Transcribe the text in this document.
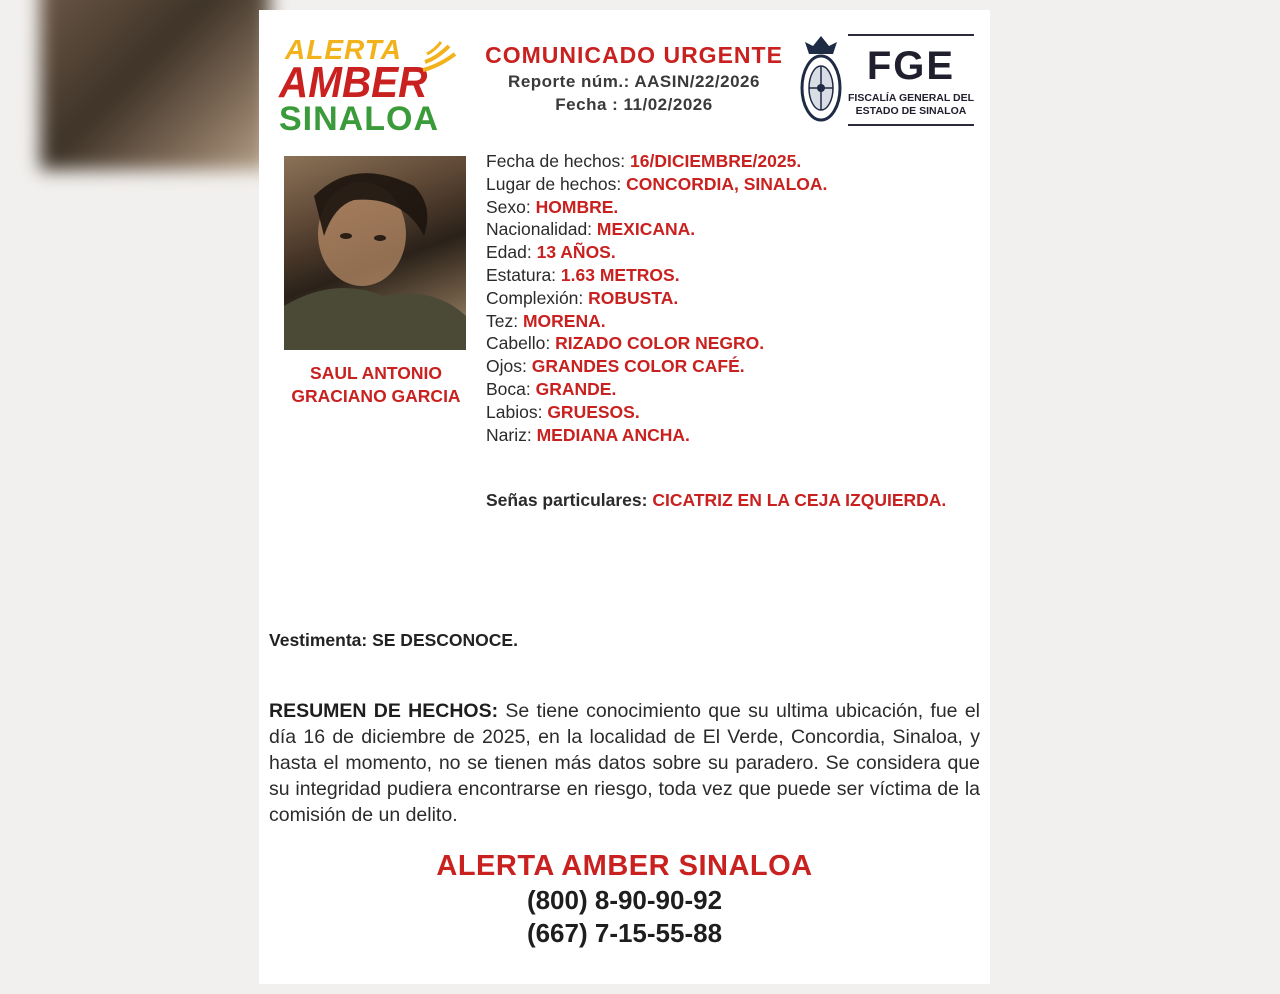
ALERTA
AMBER
SINALOA
COMUNICADO URGENTE
Reporte núm.: AASIN/22/2026
Fecha : 11/02/2026
FGE
FISCALÍA GENERAL DEL
ESTADO DE SINALOA
SAUL ANTONIO
GRACIANO GARCIA
Fecha de hechos: 16/DICIEMBRE/2025.
Lugar de hechos: CONCORDIA, SINALOA.
Sexo: HOMBRE.
Nacionalidad: MEXICANA.
Edad: 13 AÑOS.
Estatura: 1.63 METROS.
Complexión: ROBUSTA.
Tez: MORENA.
Cabello: RIZADO COLOR NEGRO.
Ojos: GRANDES COLOR CAFÉ.
Boca: GRANDE.
Labios: GRUESOS.
Nariz: MEDIANA ANCHA.
Señas particulares: CICATRIZ EN LA CEJA IZQUIERDA.
Vestimenta: SE DESCONOCE.
RESUMEN DE HECHOS: Se tiene conocimiento que su ultima ubicación, fue el día 16 de diciembre de 2025, en la localidad de El Verde, Concordia, Sinaloa, y hasta el momento, no se tienen más datos sobre su paradero. Se considera que su integridad pudiera encontrarse en riesgo, toda vez que puede ser víctima de la comisión de un delito.
ALERTA AMBER SINALOA
(800) 8-90-90-92
(667) 7-15-55-88
